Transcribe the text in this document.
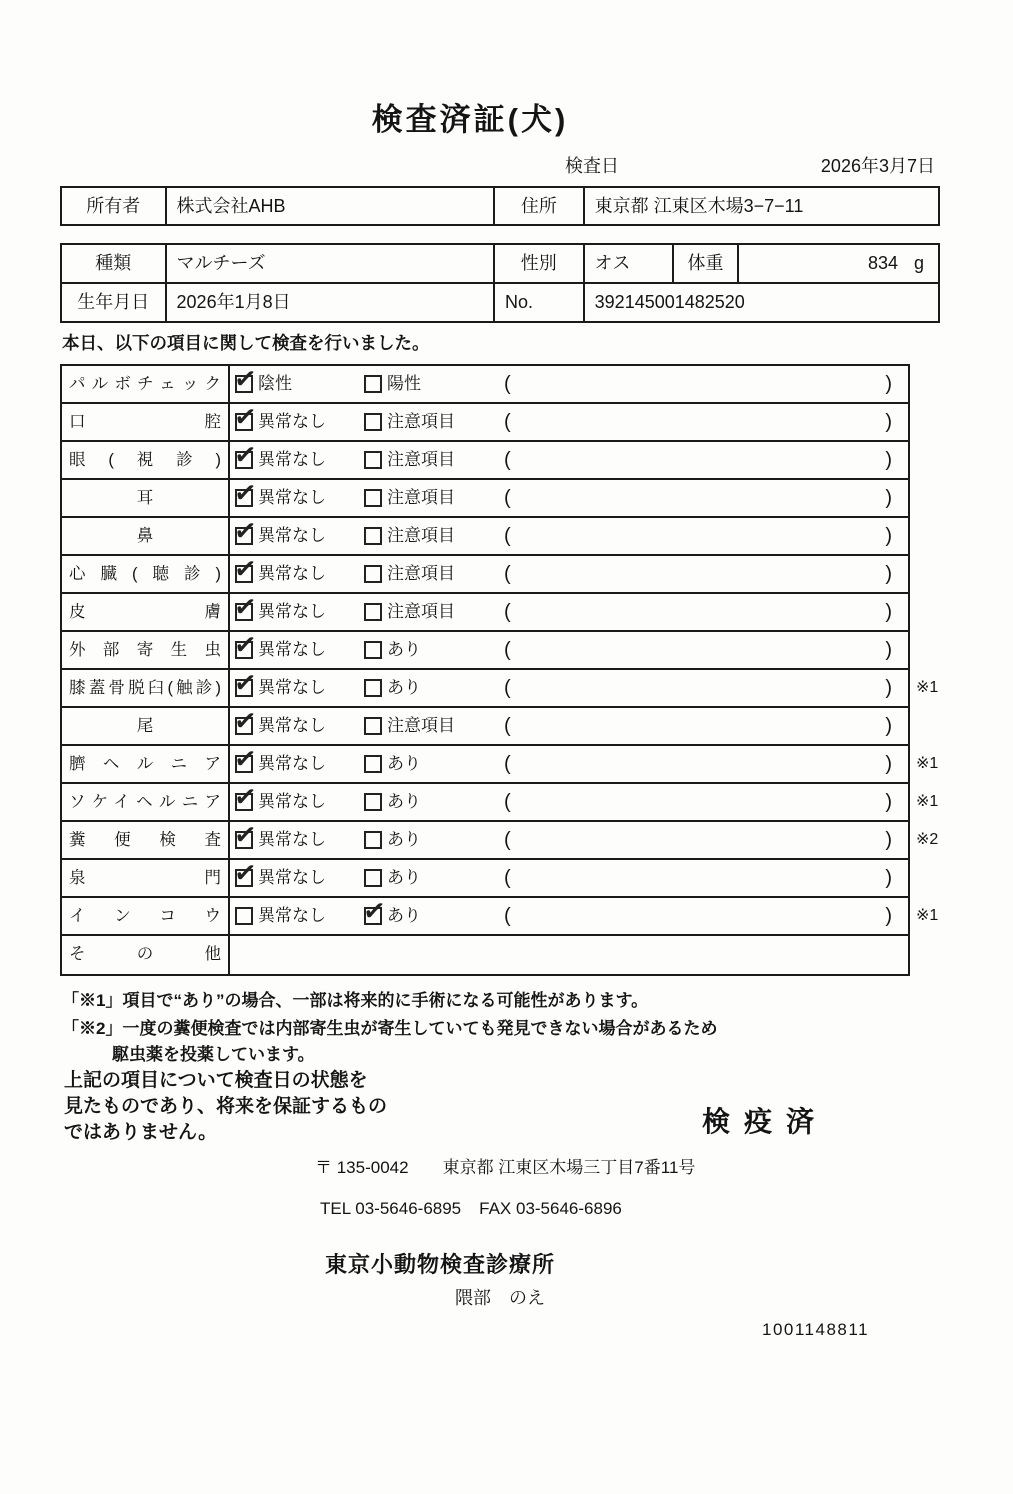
検査済証(犬)
検査日	2026年3月7日
所有者	株式会社AHB	住所	東京都 江東区木場3−7−11
種類	マルチーズ	性別	オス	体重	834 g
生年月日	2026年1月8日	No.	392145001482520
本日、以下の項目に関して検査を行いました。
パルボチェック ✓	陰性	陽性	(	)
口腔 ✓	異常なし	注意項目 (	)
眼(視診) ✓	異常なし	注意項目 (	)
耳 ✓	異常なし	注意項目 (	)
鼻 ✓	異常なし	注意項目 (	)
心臓(聴診) ✓	異常なし	注意項目 (	)
皮膚 ✓	異常なし	注意項目 (	)
外部寄生虫 ✓	異常なし	あり	(	)
膝蓋骨脱臼(触診) ✓	異常なし	あり	(	) ※1
尾 ✓	異常なし	注意項目 (	)
臍ヘルニア ✓	異常なし	あり	(	) ※1
ソケイヘルニア ✓	異常なし	あり	(	) ※1
糞便検査 ✓	異常なし	あり	(	) ※2
泉門 ✓	異常なし	あり	(	)
インコウ	異常なし ✓	あり	(	) ※1
その他
「※1」項目で“あり”の場合、一部は将来的に手術になる可能性があります。
「※2」一度の糞便検査では内部寄生虫が寄生していても発見できない場合があるため
駆虫薬を投薬しています。
上記の項目について検査日の状態を
見たものであり、将来を保証するもの
ではありません。	検疫済
〒 135-0042 東京都 江東区木場三丁目7番11号
TEL 03-5646-6895 FAX 03-5646-6896
東京小動物検査診療所
隈部　のえ
1001148811
